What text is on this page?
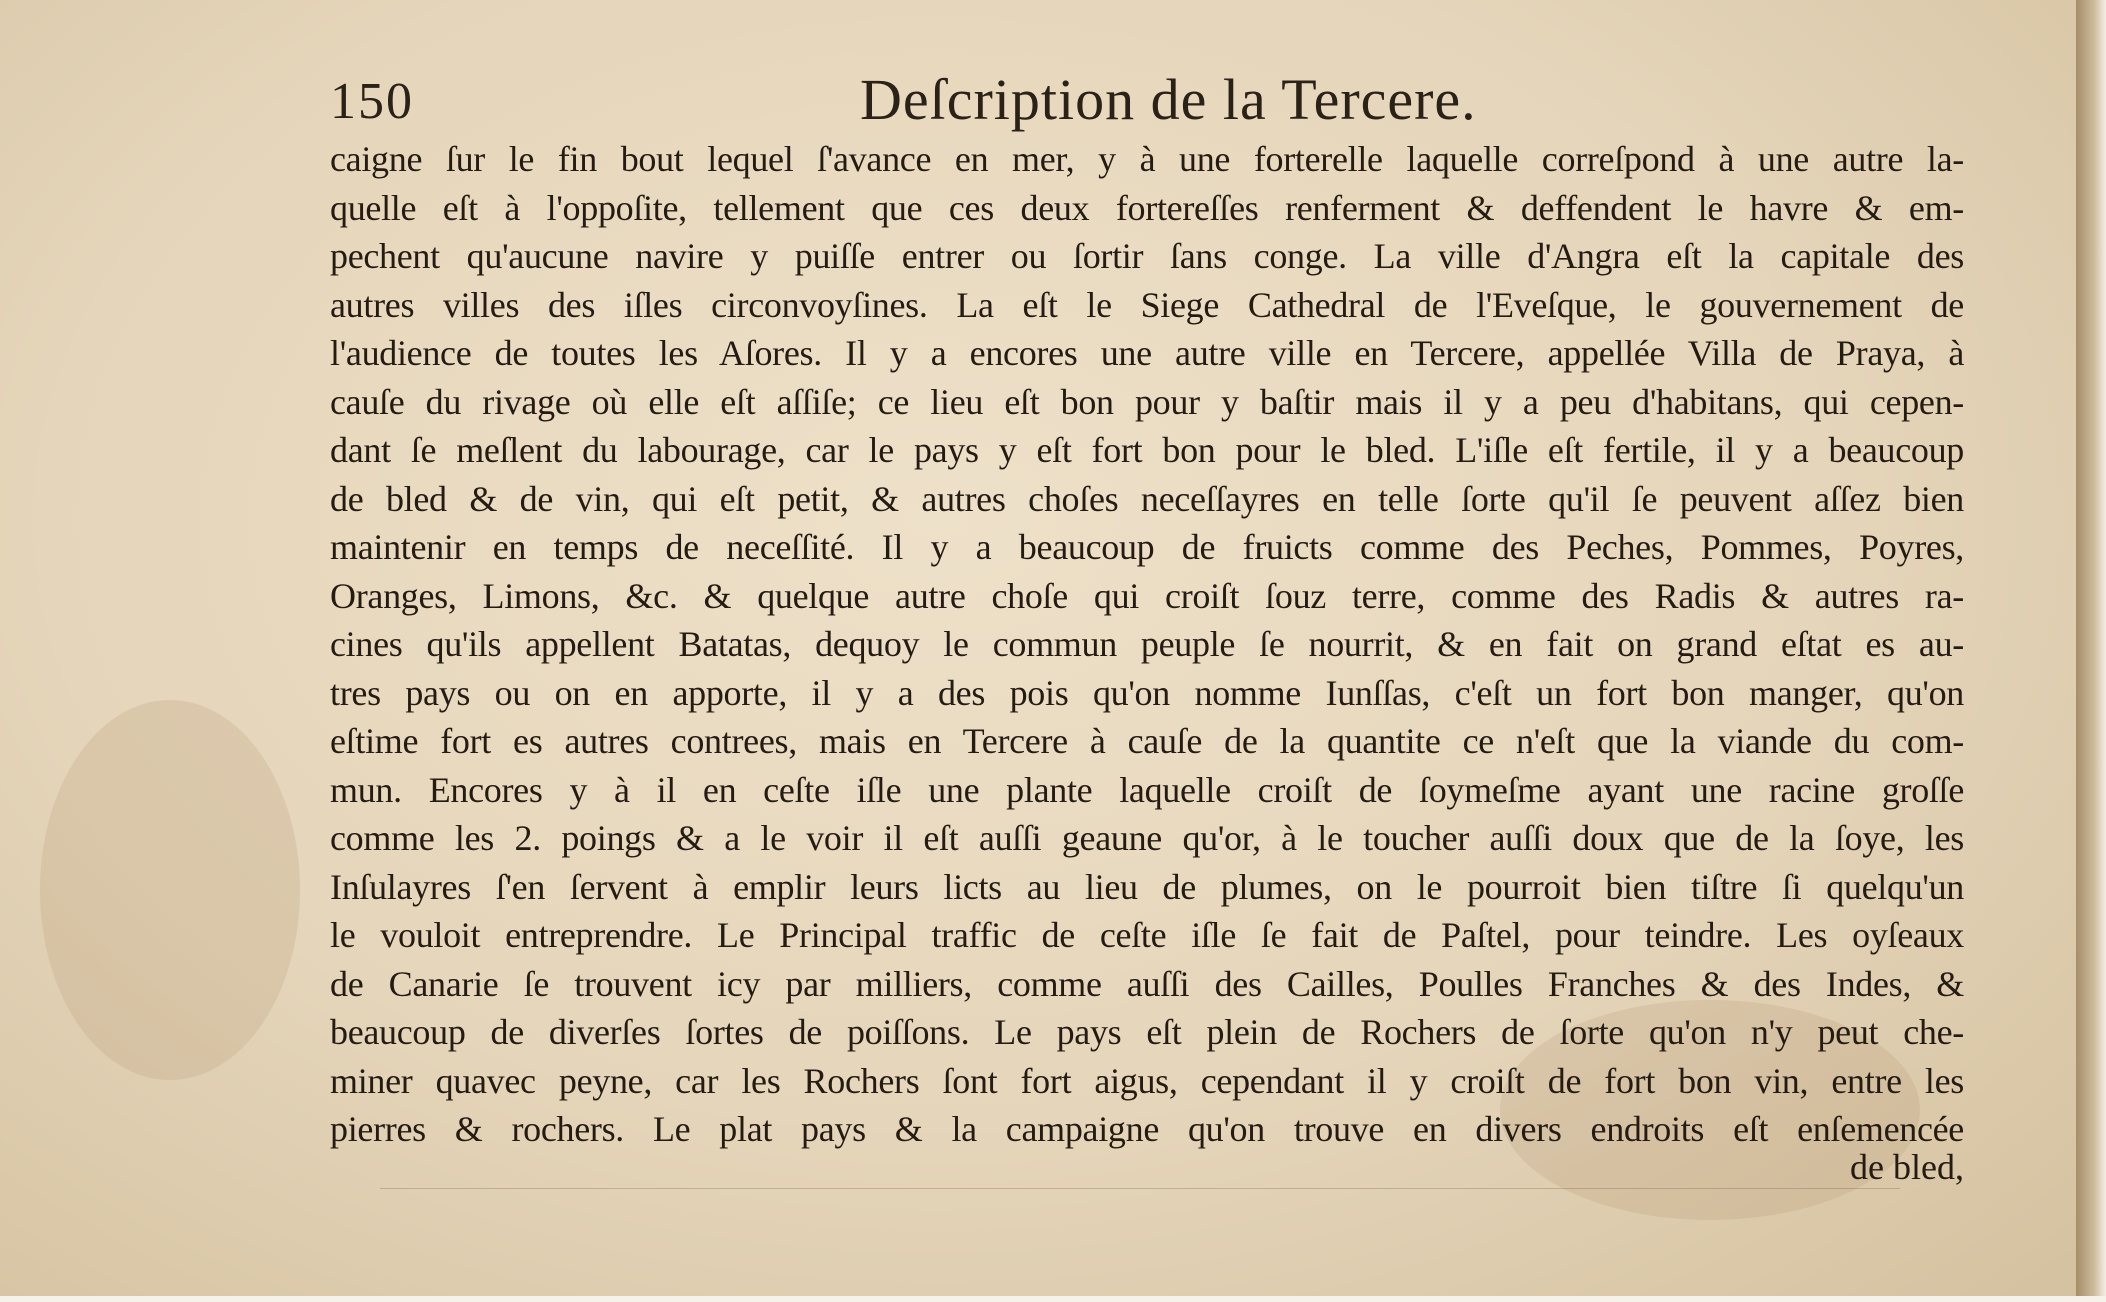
150	Deſcription de la Tercere.
caigne ſur le fin bout lequel ſ'avance en mer, y à une forterelle laquelle correſpond à une autre la-
quelle eſt à l'oppoſite, tellement que ces deux fortereſſes renferment & deffendent le havre & em-
pechent qu'aucune navire y puiſſe entrer ou ſortir ſans conge. La ville d'Angra eſt la capitale des
autres villes des iſles circonvoyſines. La eſt le Siege Cathedral de l'Eveſque, le gouvernement de
l'audience de toutes les Aſores. Il y a encores une autre ville en Tercere, appellée Villa de Praya, à
cauſe du rivage où elle eſt aſſiſe; ce lieu eſt bon pour y baſtir mais il y a peu d'habitans, qui cepen-
dant ſe meſlent du labourage, car le pays y eſt fort bon pour le bled. L'iſle eſt fertile, il y a beaucoup
de bled & de vin, qui eſt petit, & autres choſes neceſſayres en telle ſorte qu'il ſe peuvent aſſez bien
maintenir en temps de neceſſité. Il y a beaucoup de fruicts comme des Peches, Pommes, Poyres,
Oranges, Limons, &c. & quelque autre choſe qui croiſt ſouz terre, comme des Radis & autres ra-
cines qu'ils appellent Batatas, dequoy le commun peuple ſe nourrit, & en fait on grand eſtat es au-
tres pays ou on en apporte, il y a des pois qu'on nomme Iunſſas, c'eſt un fort bon manger, qu'on
eſtime fort es autres contrees, mais en Tercere à cauſe de la quantite ce n'eſt que la viande du com-
mun. Encores y à il en ceſte iſle une plante laquelle croiſt de ſoymeſme ayant une racine groſſe
comme les 2. poings & a le voir il eſt auſſi geaune qu'or, à le toucher auſſi doux que de la ſoye, les
Inſulayres ſ'en ſervent à emplir leurs licts au lieu de plumes, on le pourroit bien tiſtre ſi quelqu'un
le vouloit entreprendre. Le Principal traffic de ceſte iſle ſe fait de Paſtel, pour teindre. Les oyſeaux
de Canarie ſe trouvent icy par milliers, comme auſſi des Cailles, Poulles Franches & des Indes, &
beaucoup de diverſes ſortes de poiſſons. Le pays eſt plein de Rochers de ſorte qu'on n'y peut che-
miner quavec peyne, car les Rochers ſont fort aigus, cependant il y croiſt de fort bon vin, entre les
pierres & rochers. Le plat pays & la campaigne qu'on trouve en divers endroits eſt enſemencée
de bled,
